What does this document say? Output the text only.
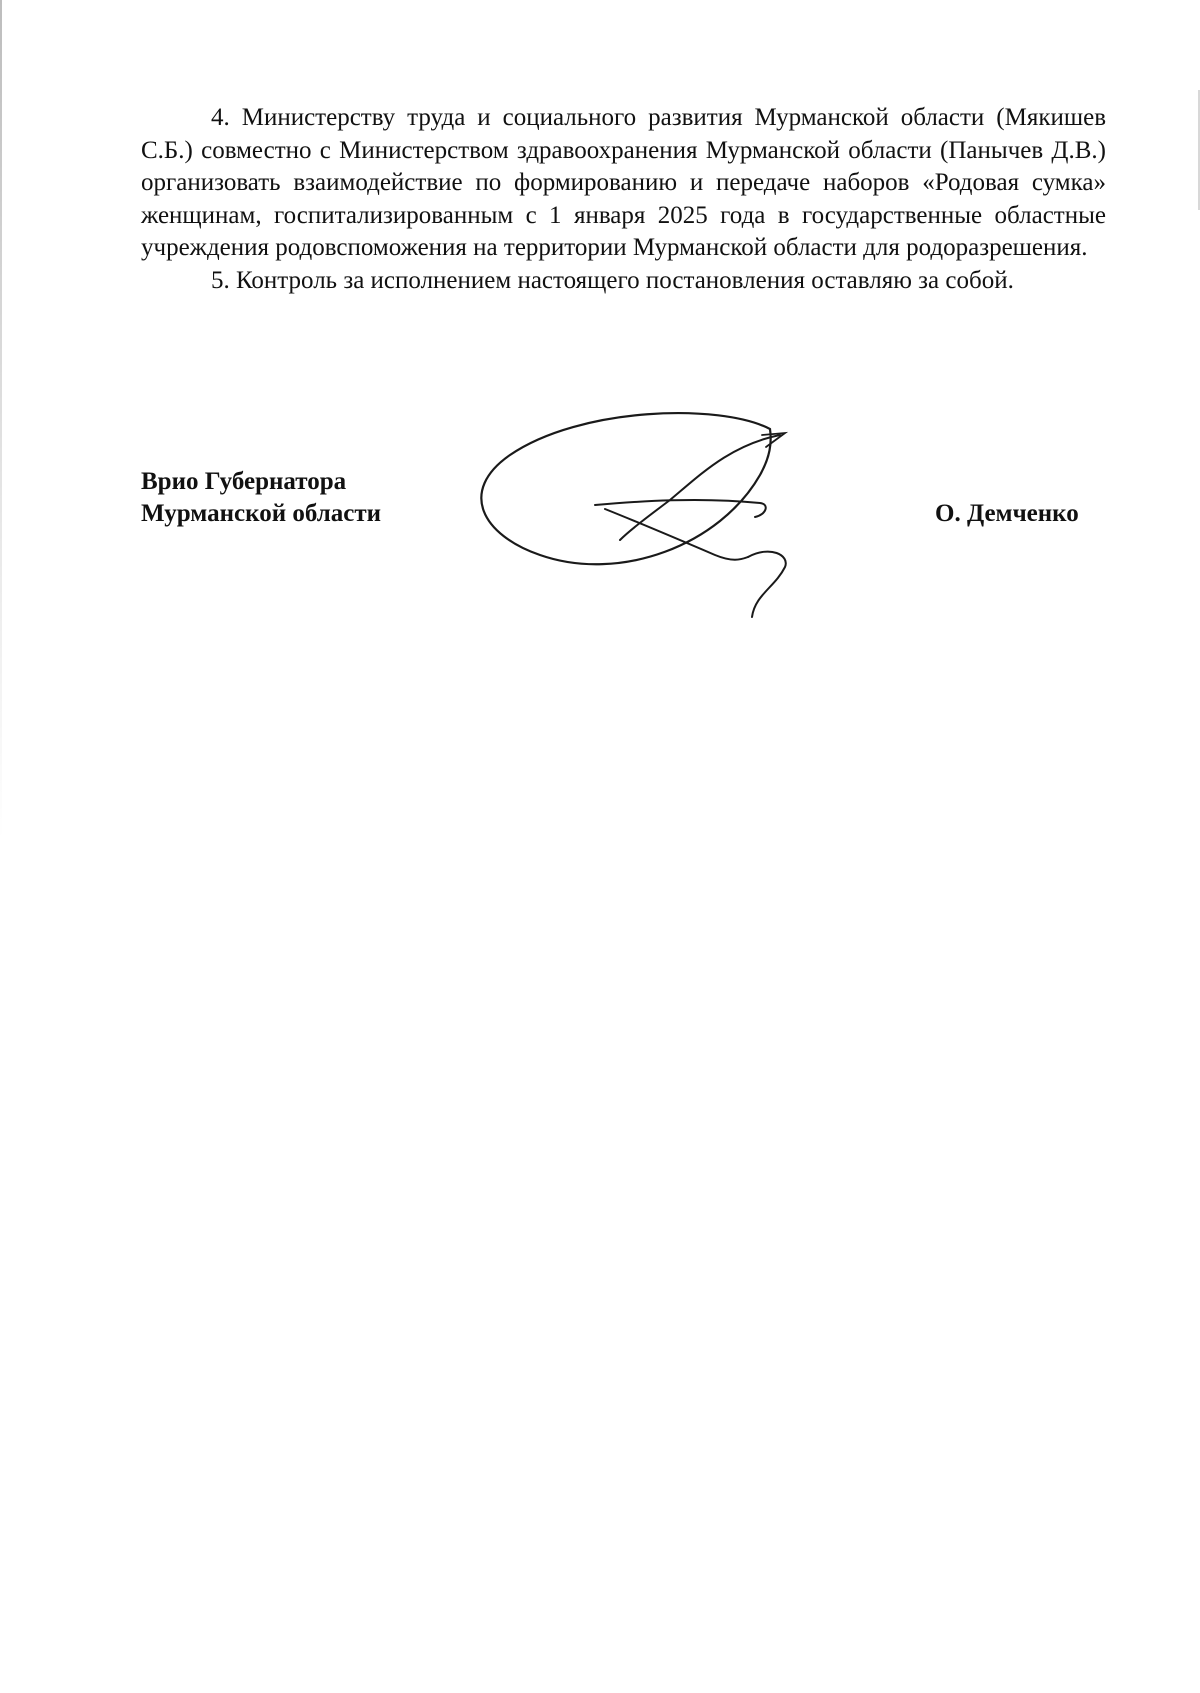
4. Министерству труда и социального развития Мурманской области (Мякишев С.Б.) совместно с Министерством здравоохранения Мурманской области (Панычев Д.В.) организовать взаимодействие по формированию и передаче наборов «Родовая сумка» женщинам, госпитализированным с 1 января 2025 года в государственные областные учреждения родовспоможения на территории Мурманской области для родоразрешения.

5. Контроль за исполнением настоящего постановления оставляю за собой.

Врио Губернатора
Мурманской области	О. Демченко
